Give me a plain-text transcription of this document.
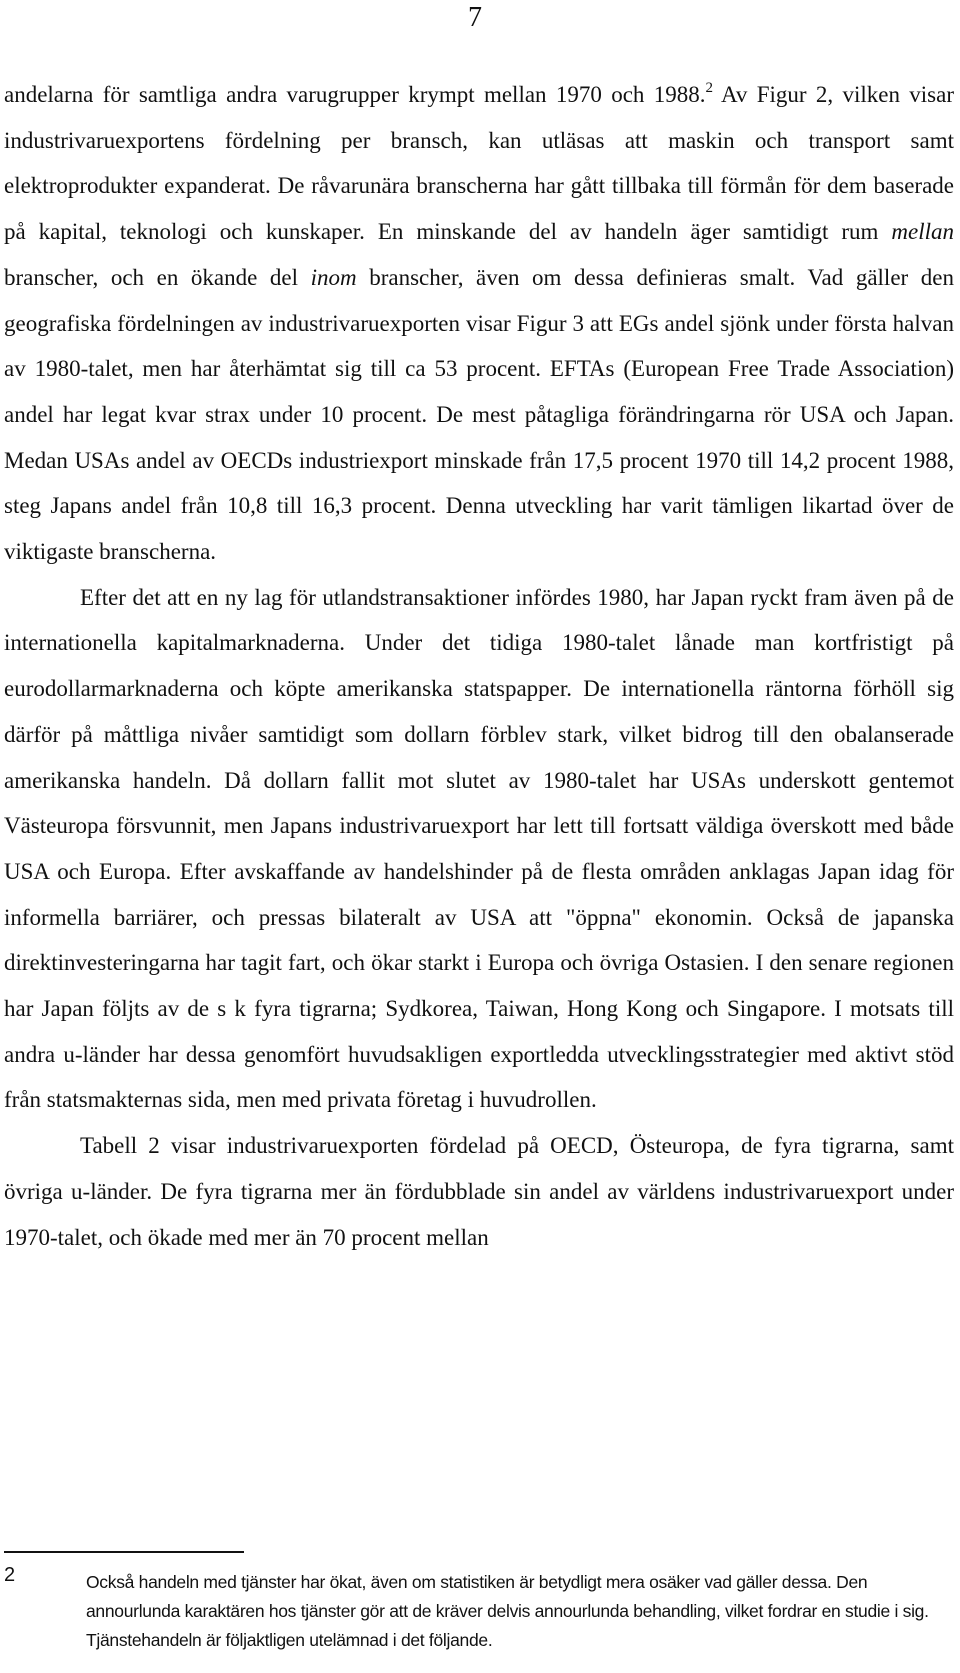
7

andelarna för samtliga andra varugrupper krympt mellan 1970 och 1988.$^2$ Av Figur 2, vilken visar industrivaruexportens fördelning per bransch, kan utläsas att maskin och transport samt elektroprodukter expanderat. De råvarunära branscherna har gått tillbaka till förmån för dem baserade på kapital, teknologi och kunskaper. En minskande del av handeln äger samtidigt rum mellan branscher, och en ökande del inom branscher, även om dessa definieras smalt. Vad gäller den geografiska fördelningen av industrivaruexporten visar Figur 3 att EGs andel sjönk under första halvan av 1980-talet, men har återhämtat sig till ca 53 procent. EFTAs (European Free Trade Association) andel har legat kvar strax under 10 procent. De mest påtagliga förändringarna rör USA och Japan. Medan USAs andel av OECDs industriexport minskade från 17,5 procent 1970 till 14,2 procent 1988, steg Japans andel från 10,8 till 16,3 procent. Denna utveckling har varit tämligen likartad över de viktigaste branscherna.

Efter det att en ny lag för utlandstransaktioner infördes 1980, har Japan ryckt fram även på de internationella kapitalmarknaderna. Under det tidiga 1980-talet lånade man kortfristigt på eurodollarmarknaderna och köpte amerikanska statspapper. De internationella räntorna förhöll sig därför på måttliga nivåer samtidigt som dollarn förblev stark, vilket bidrog till den obalanserade amerikanska handeln. Då dollarn fallit mot slutet av 1980-talet har USAs underskott gentemot Västeuropa försvunnit, men Japans industrivaruexport har lett till fortsatt väldiga överskott med både USA och Europa. Efter avskaffande av handelshinder på de flesta områden anklagas Japan idag för informella barriärer, och pressas bilateralt av USA att "öppna" ekonomin. Också de japanska direktinvesteringarna har tagit fart, och ökar starkt i Europa och övriga Ostasien. I den senare regionen har Japan följts av de s k fyra tigrarna; Sydkorea, Taiwan, Hong Kong och Singapore. I motsats till andra u-länder har dessa genomfört huvudsakligen exportledda utvecklingsstrategier med aktivt stöd från statsmakternas sida, men med privata företag i huvudrollen.

Tabell 2 visar industrivaruexporten fördelad på OECD, Östeuropa, de fyra tigrarna, samt övriga u-länder. De fyra tigrarna mer än fördubblade sin andel av världens industrivaruexport under 1970-talet, och ökade med mer än 70 procent mellan

2	Också handeln med tjänster har ökat, även om statistiken är betydligt mera osäker vad gäller dessa. Den annourlunda karaktären hos tjänster gör att de kräver delvis annourlunda behandling, vilket fordrar en studie i sig. Tjänstehandeln är följaktligen utelämnad i det följande.
